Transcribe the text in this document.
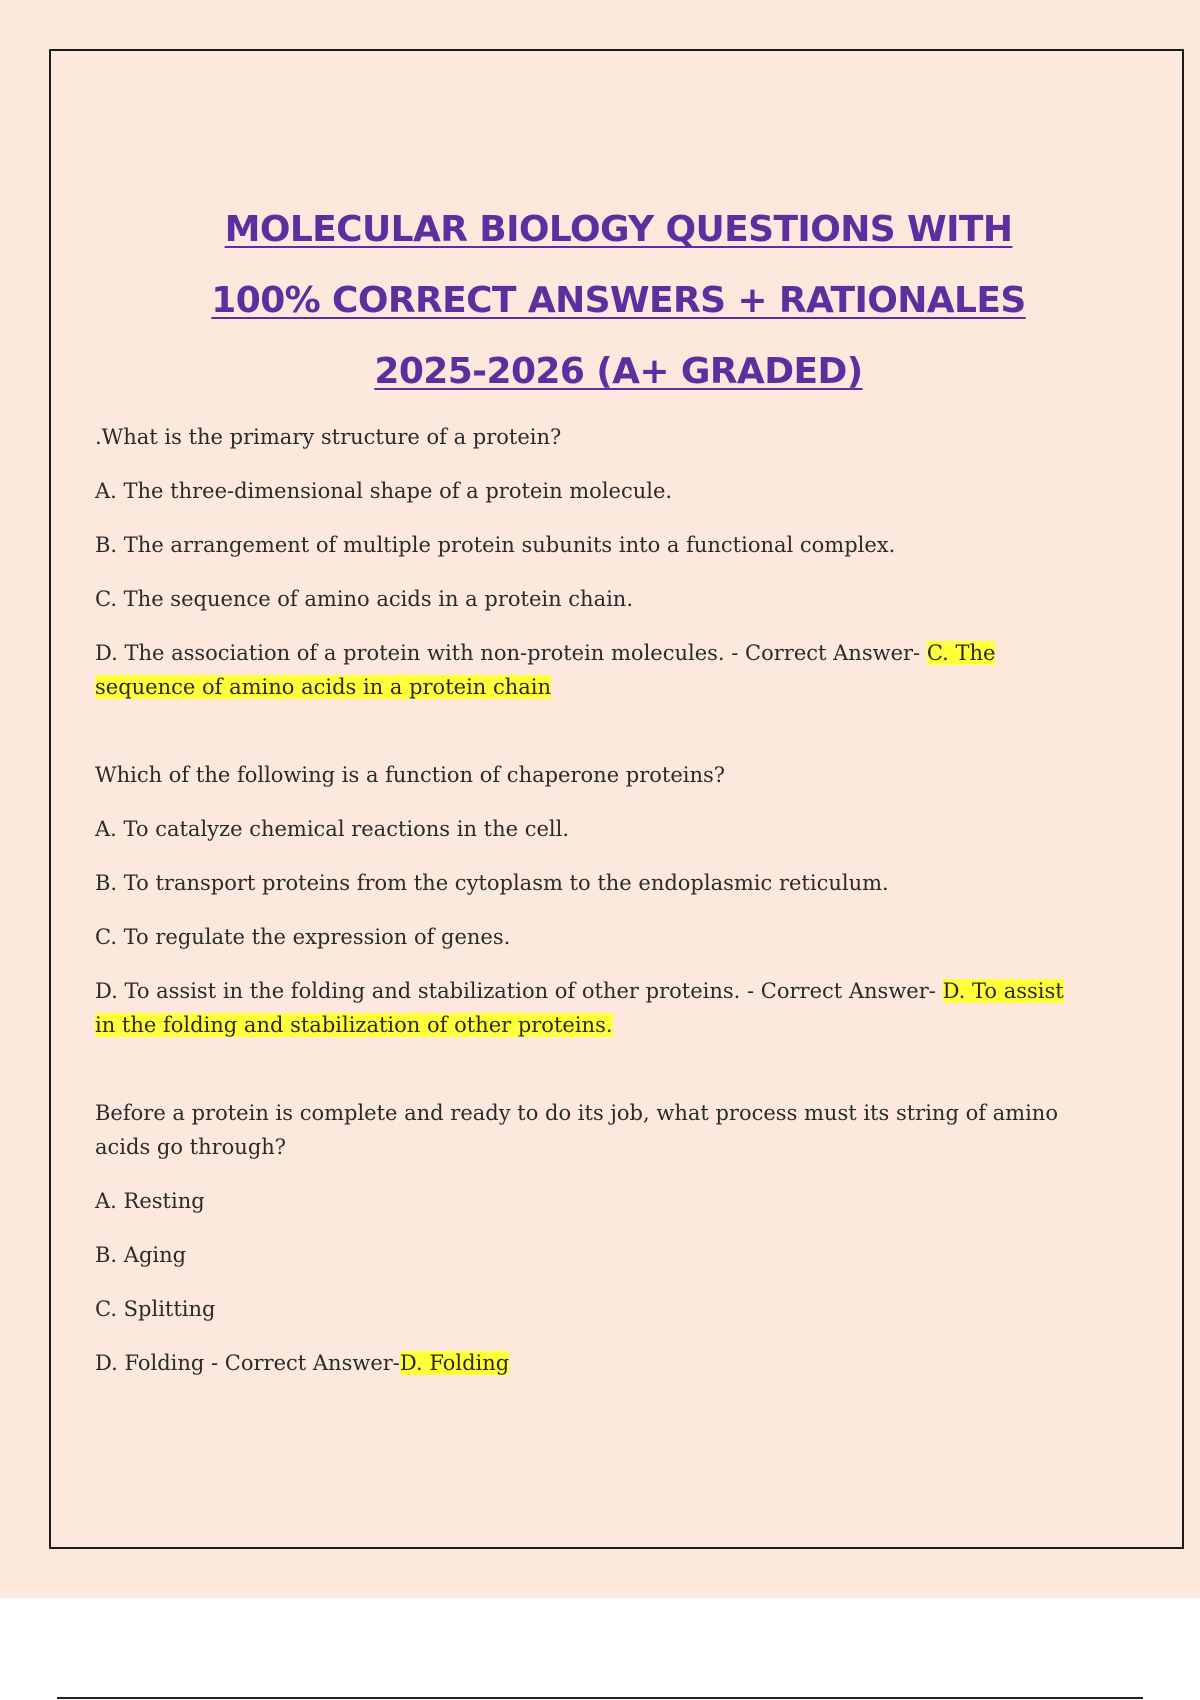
MOLECULAR BIOLOGY QUESTIONS WITH
100% CORRECT ANSWERS + RATIONALES
2025-2026 (A+ GRADED)

.What is the primary structure of a protein?

A. The three-dimensional shape of a protein molecule.

B. The arrangement of multiple protein subunits into a functional complex.

C. The sequence of amino acids in a protein chain.

D. The association of a protein with non-protein molecules. - Correct Answer- C. The sequence of amino acids in a protein chain

Which of the following is a function of chaperone proteins?

A. To catalyze chemical reactions in the cell.

B. To transport proteins from the cytoplasm to the endoplasmic reticulum.

C. To regulate the expression of genes.

D. To assist in the folding and stabilization of other proteins. - Correct Answer- D. To assist in the folding and stabilization of other proteins.

Before a protein is complete and ready to do its job, what process must its string of amino acids go through?

A. Resting

B. Aging

C. Splitting

D. Folding - Correct Answer-D. Folding
